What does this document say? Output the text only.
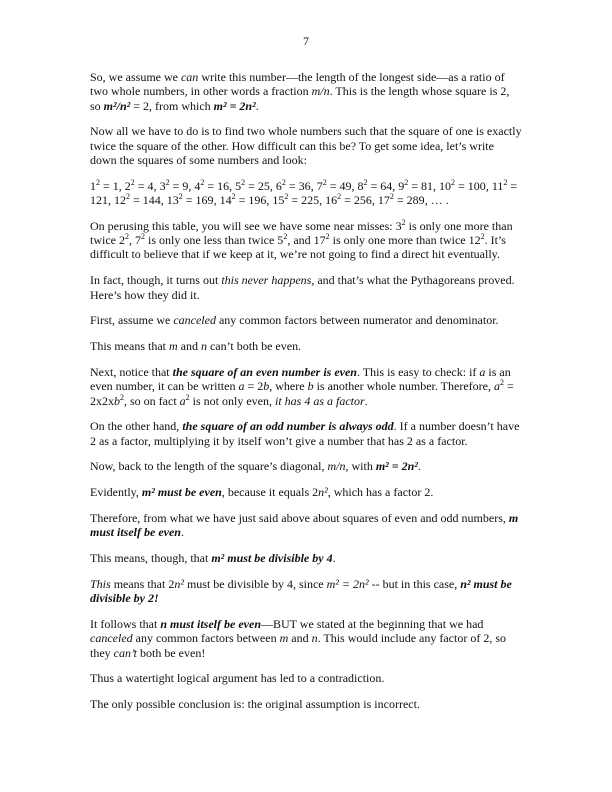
7

So, we assume we can write this number—the length of the longest side—as a ratio of two whole numbers, in other words a fraction m/n. This is the length whose square is 2, so m²/n² = 2, from which m² = 2n².

Now all we have to do is to find two whole numbers such that the square of one is exactly twice the square of the other. How difficult can this be? To get some idea, let’s write down the squares of some numbers and look:

$1^2 = 1$, $2^2 = 4$, $3^2 = 9$, $4^2 = 16$, $5^2 = 25$, $6^2 = 36$, $7^2 = 49$, $8^2 = 64$, $9^2 = 81$, $10^2 = 100$, $11^2 = 121$, $12^2 = 144$, $13^2 = 169$, $14^2 = 196$, $15^2 = 225$, $16^2 = 256$, $17^2 = 289$, … .

On perusing this table, you will see we have some near misses: $3^2$ is only one more than twice $2^2$, $7^2$ is only one less than twice $5^2$, and $17^2$ is only one more than twice $12^2$. It’s difficult to believe that if we keep at it, we’re not going to find a direct hit eventually.

In fact, though, it turns out this never happens, and that’s what the Pythagoreans proved. Here’s how they did it.

First, assume we canceled any common factors between numerator and denominator.

This means that m and n can’t both be even.

Next, notice that the square of an even number is even. This is easy to check: if a is an even number, it can be written a = 2b, where b is another whole number. Therefore, $a^2 = 2x2xb^2$, so on fact $a^2$ is not only even, it has 4 as a factor.

On the other hand, the square of an odd number is always odd. If a number doesn’t have 2 as a factor, multiplying it by itself won’t give a number that has 2 as a factor.

Now, back to the length of the square’s diagonal, m/n, with m² = 2n².

Evidently, m² must be even, because it equals 2n², which has a factor 2.

Therefore, from what we have just said above about squares of even and odd numbers, m must itself be even.

This means, though, that m² must be divisible by 4.

This means that 2n² must be divisible by 4, since m² = 2n² -- but in this case, n² must be divisible by 2!

It follows that n must itself be even—BUT we stated at the beginning that we had canceled any common factors between m and n. This would include any factor of 2, so they can’t both be even!

Thus a watertight logical argument has led to a contradiction.

The only possible conclusion is: the original assumption is incorrect.
